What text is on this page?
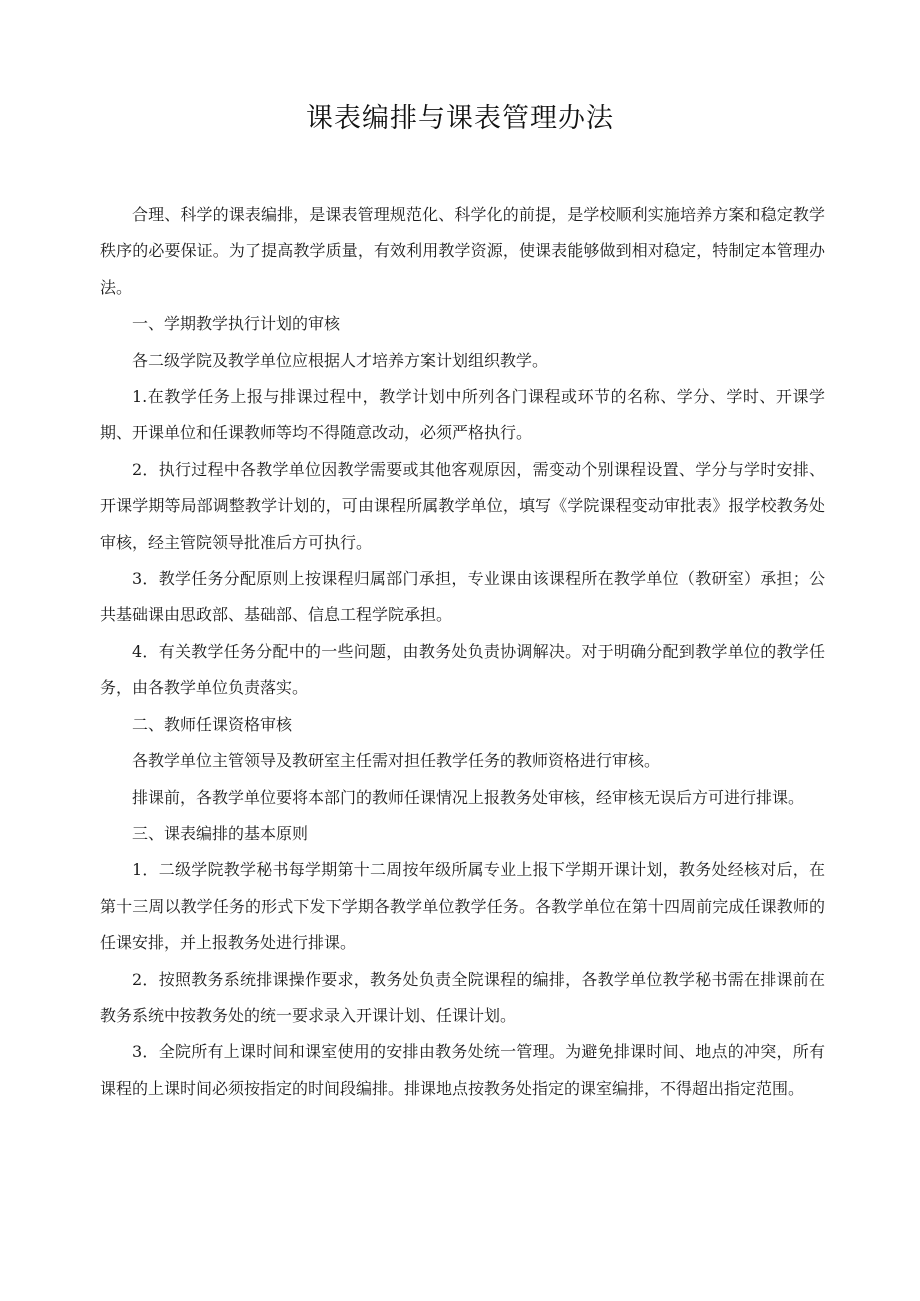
课表编排与课表管理办法

合理、科学的课表编排，是课表管理规范化、科学化的前提，是学校顺利实施培养方案和稳定教学秩序的必要保证。为了提高教学质量，有效利用教学资源，使课表能够做到相对稳定，特制定本管理办法。

一、学期教学执行计划的审核

各二级学院及教学单位应根据人才培养方案计划组织教学。

1.在教学任务上报与排课过程中，教学计划中所列各门课程或环节的名称、学分、学时、开课学期、开课单位和任课教师等均不得随意改动，必须严格执行。

2．执行过程中各教学单位因教学需要或其他客观原因，需变动个别课程设置、学分与学时安排、开课学期等局部调整教学计划的，可由课程所属教学单位，填写《学院课程变动审批表》报学校教务处审核，经主管院领导批准后方可执行。

3．教学任务分配原则上按课程归属部门承担，专业课由该课程所在教学单位（教研室）承担；公共基础课由思政部、基础部、信息工程学院承担。

4．有关教学任务分配中的一些问题，由教务处负责协调解决。对于明确分配到教学单位的教学任务，由各教学单位负责落实。

二、教师任课资格审核

各教学单位主管领导及教研室主任需对担任教学任务的教师资格进行审核。

排课前，各教学单位要将本部门的教师任课情况上报教务处审核，经审核无误后方可进行排课。

三、课表编排的基本原则

1．二级学院教学秘书每学期第十二周按年级所属专业上报下学期开课计划，教务处经核对后，在第十三周以教学任务的形式下发下学期各教学单位教学任务。各教学单位在第十四周前完成任课教师的任课安排，并上报教务处进行排课。

2．按照教务系统排课操作要求，教务处负责全院课程的编排，各教学单位教学秘书需在排课前在教务系统中按教务处的统一要求录入开课计划、任课计划。

3．全院所有上课时间和课室使用的安排由教务处统一管理。为避免排课时间、地点的冲突，所有课程的上课时间必须按指定的时间段编排。排课地点按教务处指定的课室编排，不得超出指定范围。
